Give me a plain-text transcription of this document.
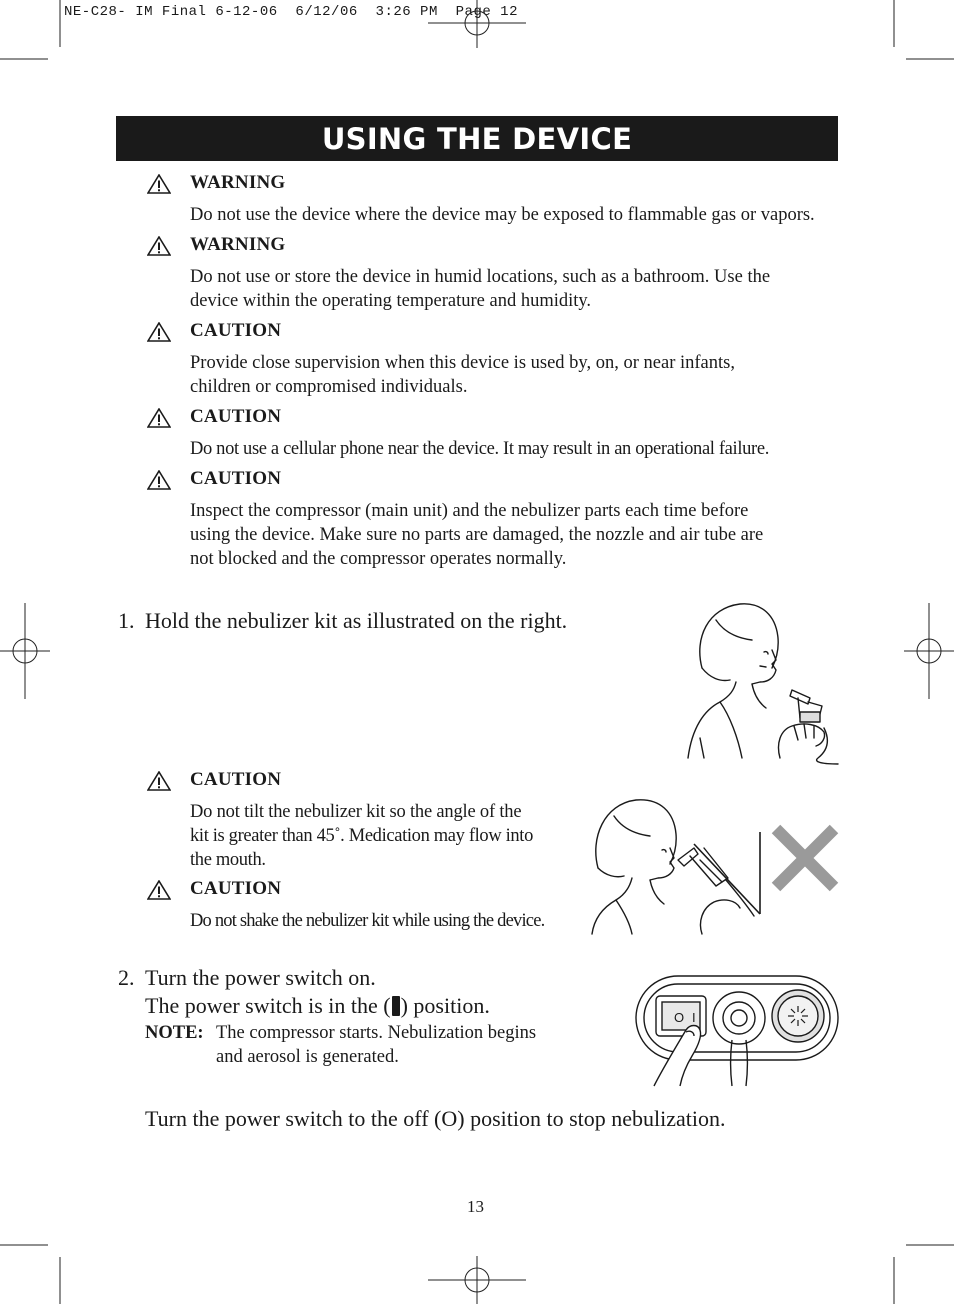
NE-C28- IM Final 6-12-06  6/12/06  3:26 PM  Page 12
USING THE DEVICE
WARNING
Do not use the device where the device may be exposed to flammable gas or vapors.
WARNING
Do not use or store the device in humid locations, such as a bathroom. Use the
device within the operating temperature and humidity.
CAUTION
Provide close supervision when this device is used by, on, or near infants,
children or compromised individuals.
CAUTION
Do not use a cellular phone near the device. It may result in an operational failure.
CAUTION
Inspect the compressor (main unit) and the nebulizer parts each time before
using the device. Make sure no parts are damaged, the nozzle and air tube are
not blocked and the compressor operates normally.
1. Hold the nebulizer kit as illustrated on the right.
CAUTION
Do not tilt the nebulizer kit so the angle of the
kit is greater than 45˚. Medication may flow into
the mouth.
CAUTION
Do not shake the nebulizer kit while using the device.
2. Turn the power switch on.
The power switch is in the ( ) position.
NOTE: The compressor starts. Nebulization begins
and aerosol is generated.
O I
Turn the power switch to the off (O) position to stop nebulization.
13
